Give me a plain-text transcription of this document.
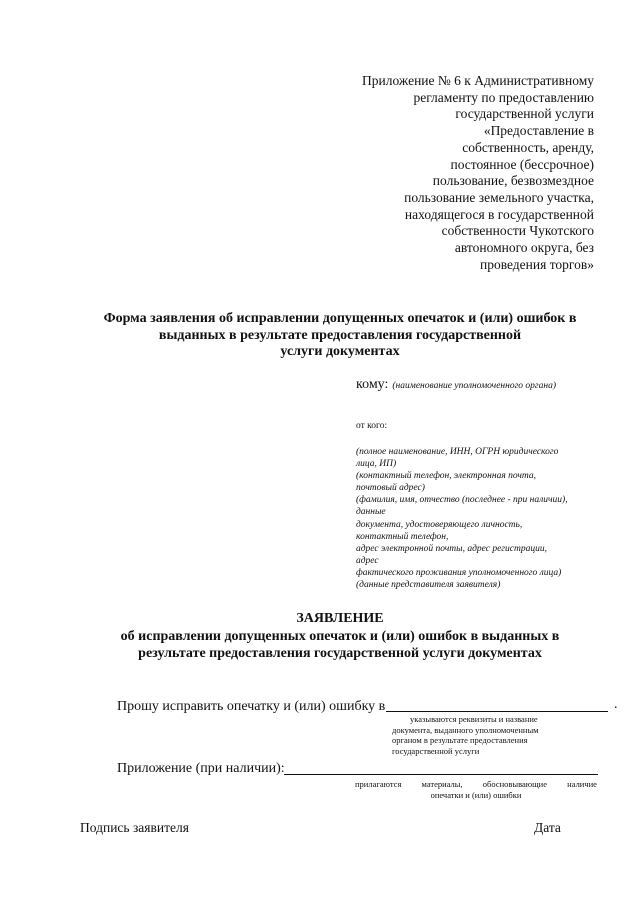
Приложение № 6 к Административному
регламенту по предоставлению
государственной услуги
«Предоставление в
собственность, аренду,
постоянное (бессрочное)
пользование, безвозмездное
пользование земельного участка,
находящегося в государственной
собственности Чукотского
автономного округа, без
проведения торгов»
Форма заявления об исправлении допущенных опечаток и (или) ошибок в
выданных в результате предоставления государственной
услуги документах
кому: (наименование уполномоченного органа)
от кого:
(полное наименование, ИНН, ОГРН юридического
лица, ИП)
(контактный телефон, электронная почта,
почтовый адрес)
(фамилия, имя, отчество (последнее - при наличии),
данные
документа, удостоверяющего личность,
контактный телефон,
адрес электронной почты, адрес регистрации,
адрес
фактического проживания уполномоченного лица)
(данные представителя заявителя)
ЗАЯВЛЕНИЕ
об исправлении допущенных опечаток и (или) ошибок в выданных в
результате предоставления государственной услуги документах
Прошу исправить опечатку и (или) ошибку в	.
указываются реквизиты и название
документа, выданного уполномоченным
органом в результате предоставления
государственной услуги
Приложение (при наличии):
прилагаются материалы, обосновывающие наличие
опечатки и (или) ошибки
Подпись заявителя	Дата
